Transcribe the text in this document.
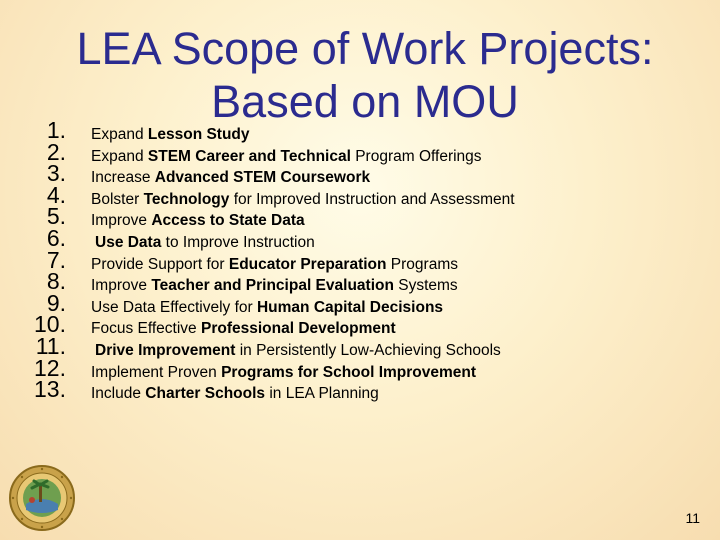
LEA Scope of Work Projects:
Based on MOU
1. Expand Lesson Study
2. Expand STEM Career and Technical Program Offerings
3. Increase Advanced STEM Coursework
4. Bolster Technology for Improved Instruction and Assessment
5. Improve Access to State Data
6. Use Data to Improve Instruction
7. Provide Support for Educator Preparation Programs
8. Improve Teacher and Principal Evaluation Systems
9. Use Data Effectively for Human Capital Decisions
10. Focus Effective Professional Development
11. Drive Improvement in Persistently Low-Achieving Schools
12. Implement Proven Programs for School Improvement
13. Include Charter Schools in LEA Planning
11
